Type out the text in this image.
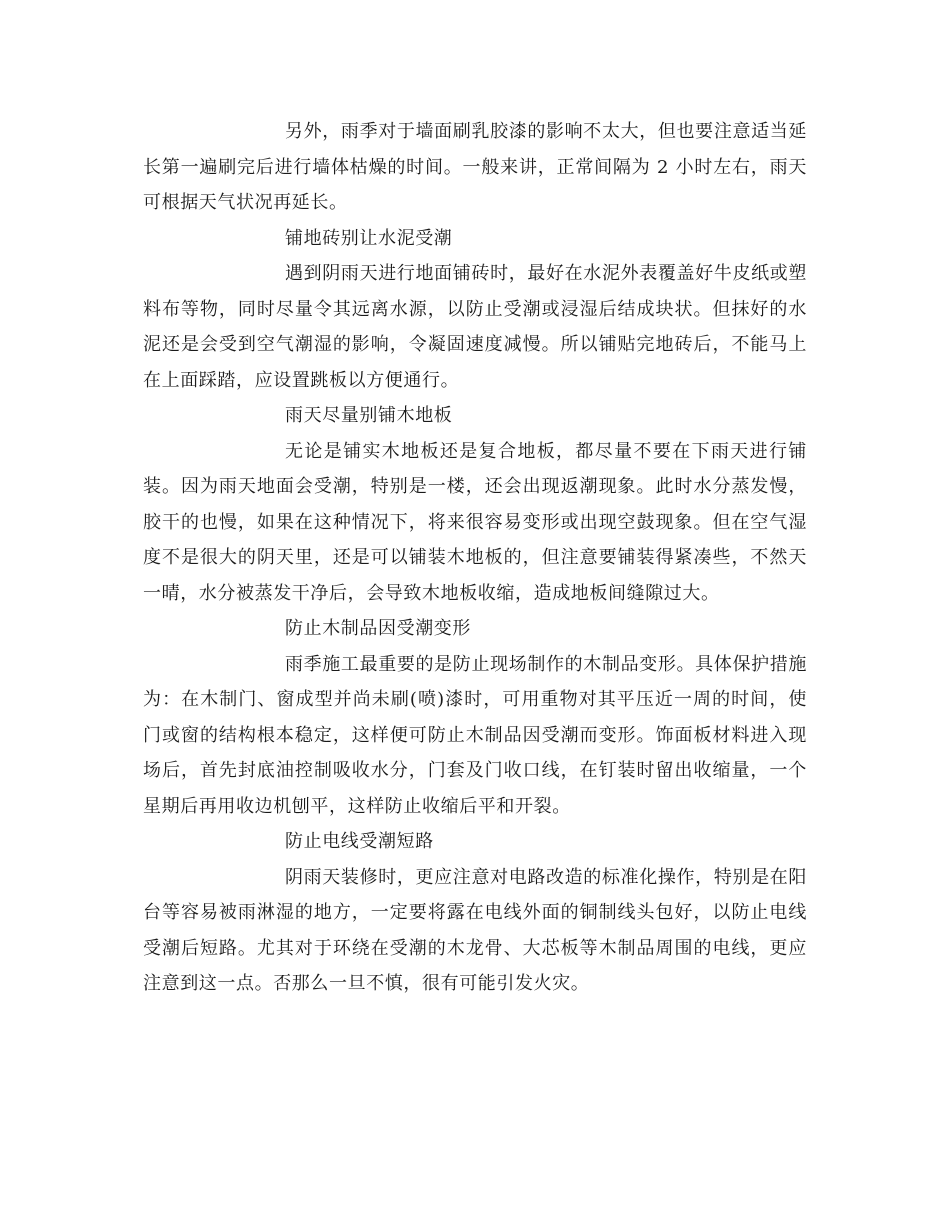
另外，雨季对于墙面刷乳胶漆的影响不太大，但也要注意适当延长第一遍刷完后进行墙体枯燥的时间。一般来讲，正常间隔为 2 小时左右，雨天可根据天气状况再延长。

铺地砖别让水泥受潮

遇到阴雨天进行地面铺砖时，最好在水泥外表覆盖好牛皮纸或塑料布等物，同时尽量令其远离水源，以防止受潮或浸湿后结成块状。但抹好的水泥还是会受到空气潮湿的影响，令凝固速度减慢。所以铺贴完地砖后，不能马上在上面踩踏，应设置跳板以方便通行。

雨天尽量别铺木地板

无论是铺实木地板还是复合地板，都尽量不要在下雨天进行铺装。因为雨天地面会受潮，特别是一楼，还会出现返潮现象。此时水分蒸发慢，胶干的也慢，如果在这种情况下，将来很容易变形或出现空鼓现象。但在空气湿度不是很大的阴天里，还是可以铺装木地板的，但注意要铺装得紧凑些，不然天一晴，水分被蒸发干净后，会导致木地板收缩，造成地板间缝隙过大。

防止木制品因受潮变形

雨季施工最重要的是防止现场制作的木制品变形。具体保护措施为：在木制门、窗成型并尚未刷(喷)漆时，可用重物对其平压近一周的时间，使门或窗的结构根本稳定，这样便可防止木制品因受潮而变形。饰面板材料进入现场后，首先封底油控制吸收水分，门套及门收口线，在钉装时留出收缩量，一个星期后再用收边机刨平，这样防止收缩后平和开裂。

防止电线受潮短路

阴雨天装修时，更应注意对电路改造的标准化操作，特别是在阳台等容易被雨淋湿的地方，一定要将露在电线外面的铜制线头包好，以防止电线受潮后短路。尤其对于环绕在受潮的木龙骨、大芯板等木制品周围的电线，更应注意到这一点。否那么一旦不慎，很有可能引发火灾。
